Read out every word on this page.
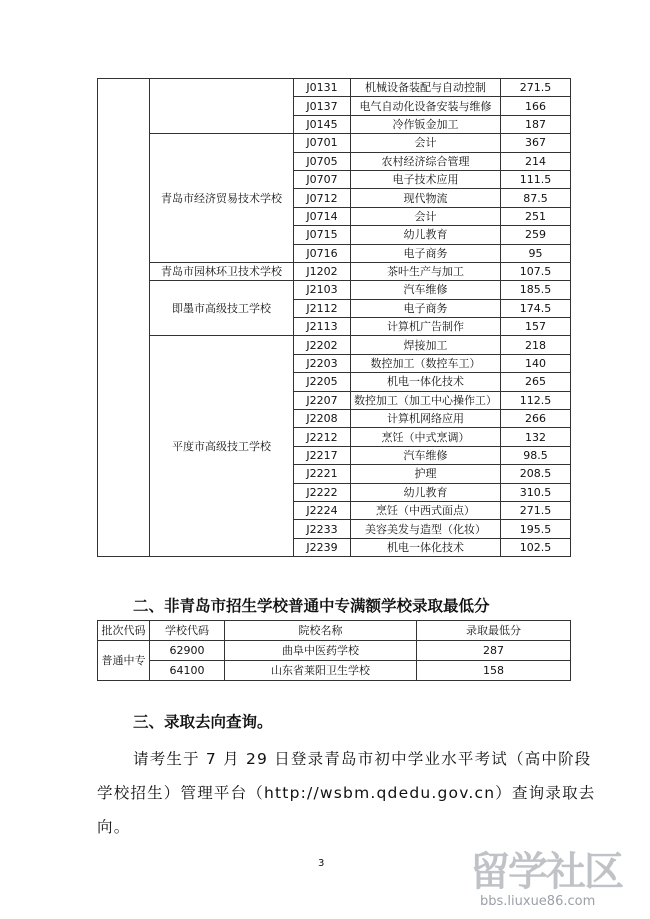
		J0131	机械设备装配与自动控制	271.5
		J0137	电气自动化设备安装与维修	166
		J0145	冷作钣金加工	187
	青岛市经济贸易技术学校	J0701	会计	367
		J0705	农村经济综合管理	214
		J0707	电子技术应用	111.5
		J0712	现代物流	87.5
		J0714	会计	251
		J0715	幼儿教育	259
		J0716	电子商务	95
	青岛市园林环卫技术学校	J1202	茶叶生产与加工	107.5
	即墨市高级技工学校	J2103	汽车维修	185.5
		J2112	电子商务	174.5
		J2113	计算机广告制作	157
	平度市高级技工学校	J2202	焊接加工	218
		J2203	数控加工（数控车工）	140
		J2205	机电一体化技术	265
		J2207	数控加工（加工中心操作工）	112.5
		J2208	计算机网络应用	266
		J2212	烹饪（中式烹调）	132
		J2217	汽车维修	98.5
		J2221	护理	208.5
		J2222	幼儿教育	310.5
		J2224	烹饪（中西式面点）	271.5
		J2233	美容美发与造型（化妆）	195.5
		J2239	机电一体化技术	102.5
二、非青岛市招生学校普通中专满额学校录取最低分
批次代码	学校代码	院校名称	录取最低分
普通中专	62900	曲阜中医药学校	287
	64100	山东省莱阳卫生学校	158
三、录取去向查询。
请考生于 7 月 29 日登录青岛市初中学业水平考试（高中阶段学校招生）管理平台（http://wsbm.qdedu.gov.cn）查询录取去向。
3	留学社区
bbs.liuxue86.com
